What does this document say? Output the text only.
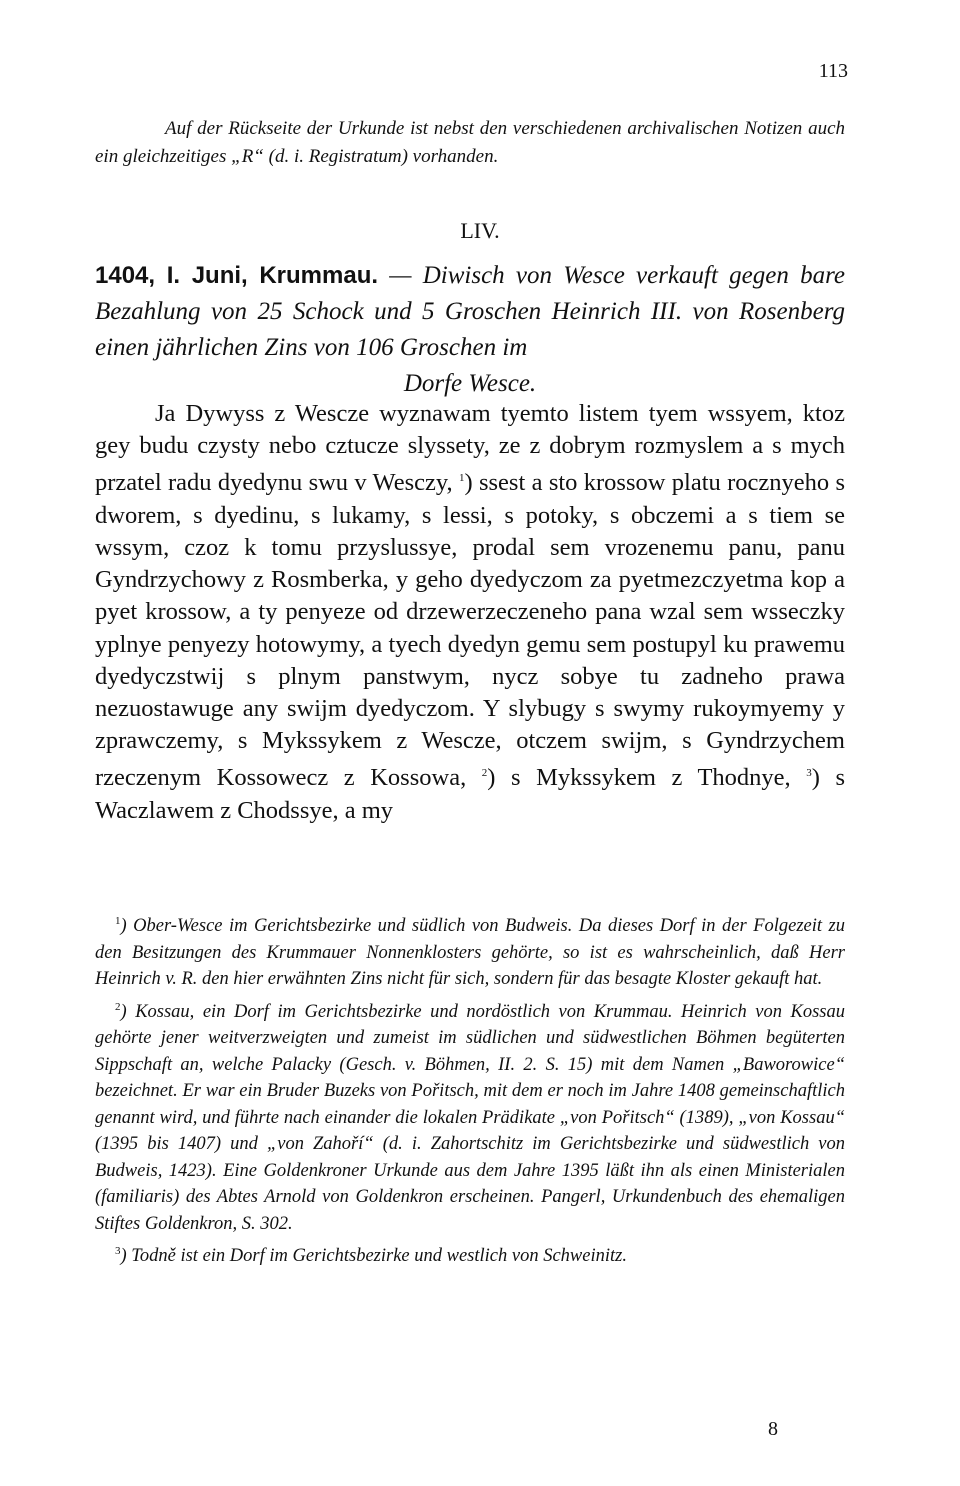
113
Auf der Rückseite der Urkunde ist nebst den verschiedenen archivalischen Notizen auch ein gleichzeitiges „R“ (d. i. Registratum) vorhanden.
LIV.
1404, I. Juni, Krummau. — Diwisch von Wesce verkauft gegen bare Bezahlung von 25 Schock und 5 Groschen Heinrich III. von Rosenberg einen jährlichen Zins von 106 Groschen im
Dorfe Wesce.
Ja Dywyss z Wescze wyznawam tyemto listem tyem wssyem, ktoz gey budu czysty nebo cztucze slyssety, ze z dobrym rozmyslem a s mych przatel radu dyedynu swu v Wesczy, $^1$) ssest a sto krossow platu rocznyeho s dworem, s dyedinu, s lukamy, s lessi, s potoky, s obczemi a s tiem se wssym, czoz k tomu przyslussye, prodal sem vrozenemu panu, panu Gyndrzychowy z Rosmberka, y geho dyedyczom za pyetmezczyetma kop a pyet krossow, a ty penyeze od drzewerzeczeneho pana wzal sem wsseczky yplnye penyezy hotowymy, a tyech dyedyn gemu sem postupyl ku prawemu dyedyczstwij s plnym panstwym, nycz sobye tu zadneho prawa nezuostawuge any swijm dyedyczom. Y slybugy s swymy rukoymyemy y zprawczemy, s Mykssykem z Wescze, otczem swijm, s Gyndrzychem rzeczenym Kossowecz z Kossowa, $^2$) s Mykssykem z Thodnye, $^3$) s Waczlawem z Chodssye, a my

$^1$) Ober-Wesce im Gerichtsbezirke und südlich von Budweis. Da dieses Dorf in der Folgezeit zu den Besitzungen des Krummauer Nonnenklosters gehörte, so ist es wahrscheinlich, daß Herr Heinrich v. R. den hier erwähnten Zins nicht für sich, sondern für das besagte Kloster gekauft hat.

$^2$) Kossau, ein Dorf im Gerichtsbezirke und nordöstlich von Krummau. Heinrich von Kossau gehörte jener weitverzweigten und zumeist im südlichen und südwestlichen Böhmen begüterten Sippschaft an, welche Palacky (Gesch. v. Böhmen, II. 2. S. 15) mit dem Namen „Baworowice“ bezeichnet. Er war ein Bruder Buzeks von Pořitsch, mit dem er noch im Jahre 1408 gemeinschaftlich genannt wird, und führte nach einander die lokalen Prädikate „von Pořitsch“ (1389), „von Kossau“ (1395 bis 1407) und „von Zahoří“ (d. i. Zahortschitz im Gerichtsbezirke und südwestlich von Budweis, 1423). Eine Goldenkroner Urkunde aus dem Jahre 1395 läßt ihn als einen Ministerialen (familiaris) des Abtes Arnold von Goldenkron erscheinen. Pangerl, Urkundenbuch des ehemaligen Stiftes Goldenkron, S. 302.

$^3$) Todně ist ein Dorf im Gerichtsbezirke und westlich von Schweinitz.

8
